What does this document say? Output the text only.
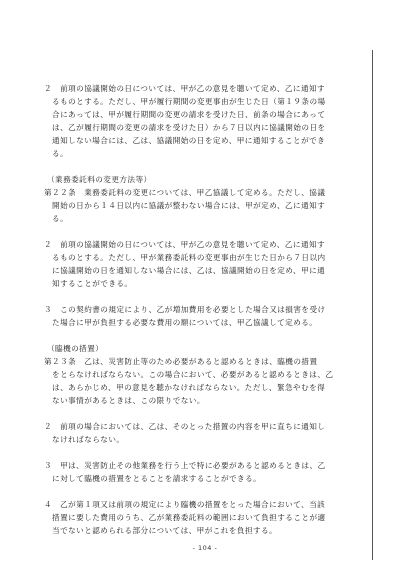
２　前項の協議開始の日については、甲が乙の意見を聴いて定め、乙に通知す
　るものとする。ただし、甲が履行期間の変更事由が生じた日（第１９条の場
　合にあっては、甲が履行期間の変更の請求を受けた日、前条の場合にあって
　は、乙が履行期間の変更の請求を受けた日）から７日以内に協議開始の日を
　通知しない場合には、乙は、協議開始の日を定め、甲に通知することができ
　る。
（業務委託料の変更方法等）
第２２条　業務委託料の変更については、甲乙協議して定める。ただし、協議
　開始の日から１４日以内に協議が整わない場合には、甲が定め、乙に通知す
　る。
２　前項の協議開始の日については、甲が乙の意見を聴いて定め、乙に通知す
　るものとする。ただし、甲が業務委託料の変更事由が生じた日から７日以内
　に協議開始の日を通知しない場合には、乙は、協議開始の日を定め、甲に通
　知することができる。
３　この契約書の規定により、乙が増加費用を必要とした場合又は損害を受け
　た場合に甲が負担する必要な費用の額については、甲乙協議して定める。
（臨機の措置）
第２３条　乙は、災害防止等のため必要があると認めるときは、臨機の措置
　をとらなければならない。この場合において、必要があると認めるときは、乙
　は、あらかじめ、甲の意見を聴かなければならない。ただし、緊急やむを得
　ない事情があるときは、この限りでない。
２　前項の場合においては、乙は、そのとった措置の内容を甲に直ちに通知し
　なければならない。
３　甲は、災害防止その他業務を行う上で特に必要があると認めるときは、乙
　に対して臨機の措置をとることを請求することができる。
４　乙が第１項又は前項の規定により臨機の措置をとった場合において、当該
　措置に要した費用のうち、乙が業務委託料の範囲において負担することが適
　当でないと認められる部分については、甲がこれを負担する。
- 104 -
